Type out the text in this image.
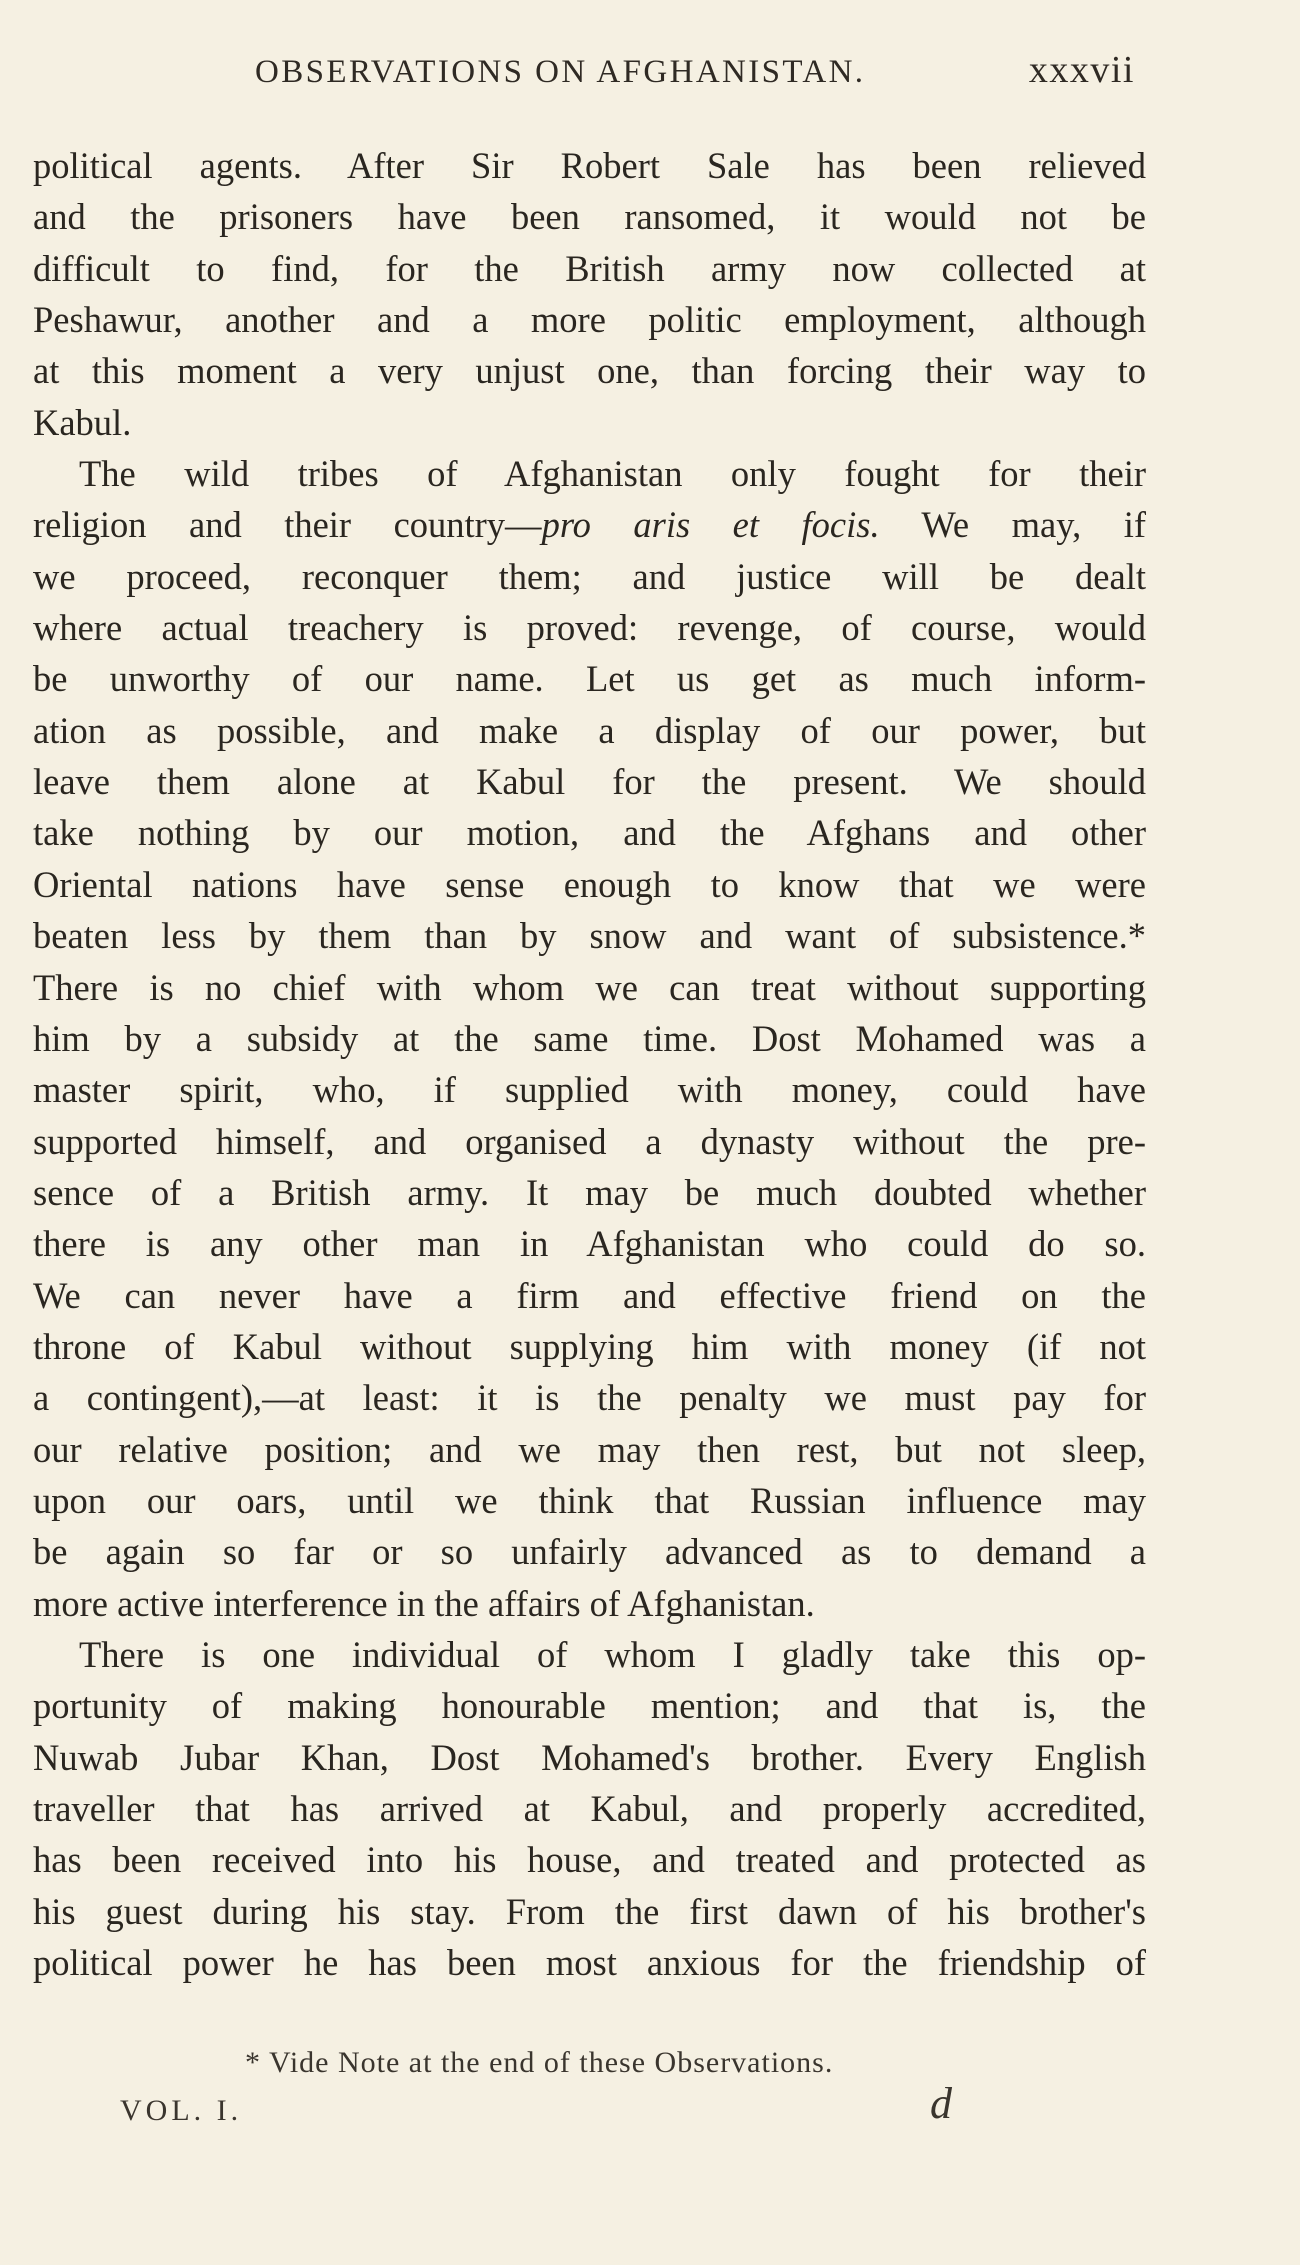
OBSERVATIONS ON AFGHANISTAN.	xxxvii
political agents. After Sir Robert Sale has been relieved
and the prisoners have been ransomed, it would not be
difficult to find, for the British army now collected at
Peshawur, another and a more politic employment, although
at this moment a very unjust one, than forcing their way to
Kabul.
The wild tribes of Afghanistan only fought for their
religion and their country—pro aris et focis. We may, if
we proceed, reconquer them; and justice will be dealt
where actual treachery is proved: revenge, of course, would
be unworthy of our name. Let us get as much inform-
ation as possible, and make a display of our power, but
leave them alone at Kabul for the present. We should
take nothing by our motion, and the Afghans and other
Oriental nations have sense enough to know that we were
beaten less by them than by snow and want of subsistence.*
There is no chief with whom we can treat without supporting
him by a subsidy at the same time. Dost Mohamed was a
master spirit, who, if supplied with money, could have
supported himself, and organised a dynasty without the pre-
sence of a British army. It may be much doubted whether
there is any other man in Afghanistan who could do so.
We can never have a firm and effective friend on the
throne of Kabul without supplying him with money (if not
a contingent),—at least: it is the penalty we must pay for
our relative position; and we may then rest, but not sleep,
upon our oars, until we think that Russian influence may
be again so far or so unfairly advanced as to demand a
more active interference in the affairs of Afghanistan.
There is one individual of whom I gladly take this op-
portunity of making honourable mention; and that is, the
Nuwab Jubar Khan, Dost Mohamed's brother. Every English
traveller that has arrived at Kabul, and properly accredited,
has been received into his house, and treated and protected as
his guest during his stay. From the first dawn of his brother's
political power he has been most anxious for the friendship of
* Vide Note at the end of these Observations.
VOL. I.	d
